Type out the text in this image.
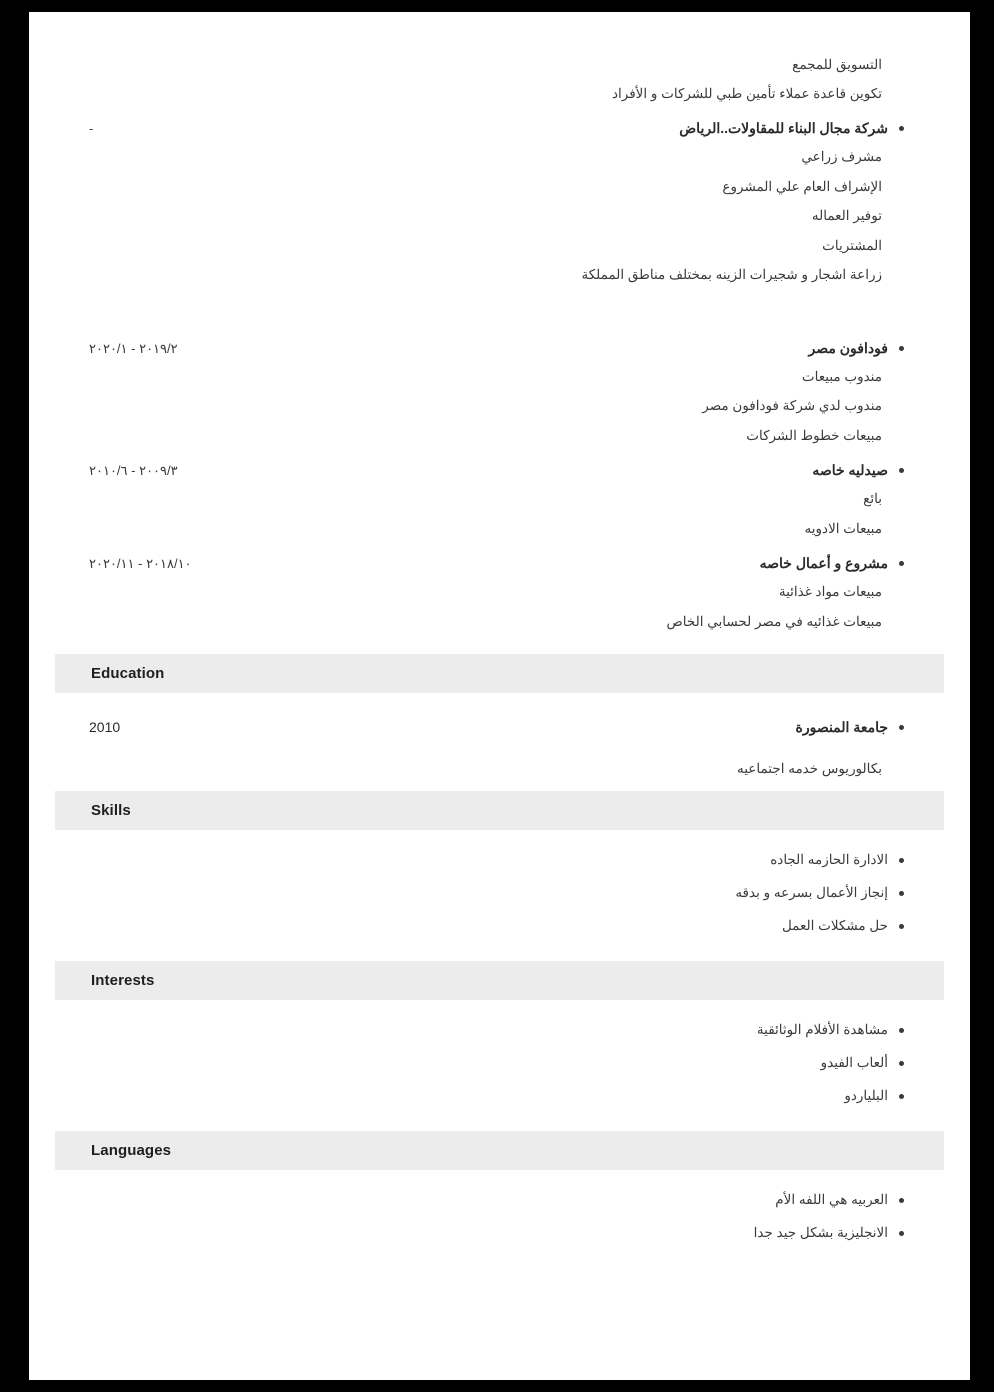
التسويق للمجمع
تكوين قاعدة عملاء تأمين طبي للشركات و الأفراد
شركة مجال البناء للمقاولات..الرياض
-
مشرف زراعي
الإشراف العام علي المشروع
توفير العماله
المشتريات
زراعة اشجار و شجيرات الزينه بمختلف مناطق المملكة
فودافون مصر
٢٠١٩/٢ - ٢٠٢٠/١
مندوب مبيعات
مندوب لدي شركة فودافون مصر
مبيعات خطوط الشركات
صيدليه خاصه
٢٠٠٩/٣ - ٢٠١٠/٦
بائع
مبيعات الادويه
مشروع و أعمال خاصه
٢٠١٨/١٠ - ٢٠٢٠/١١
مبيعات مواد غذائية
مبيعات غذائيه في مصر لحسابي الخاص
Education
جامعة المنصورة
2010
بكالوريوس خدمه اجتماعيه
Skills
الادارة الحازمه الجاده
إنجاز الأعمال بسرعه و بدقه
حل مشكلات العمل
Interests
مشاهدة الأفلام الوثائقية
ألعاب الفيدو
البلياردو
Languages
العربيه هي اللفه الأم
الانجليزية بشكل جيد جدا
